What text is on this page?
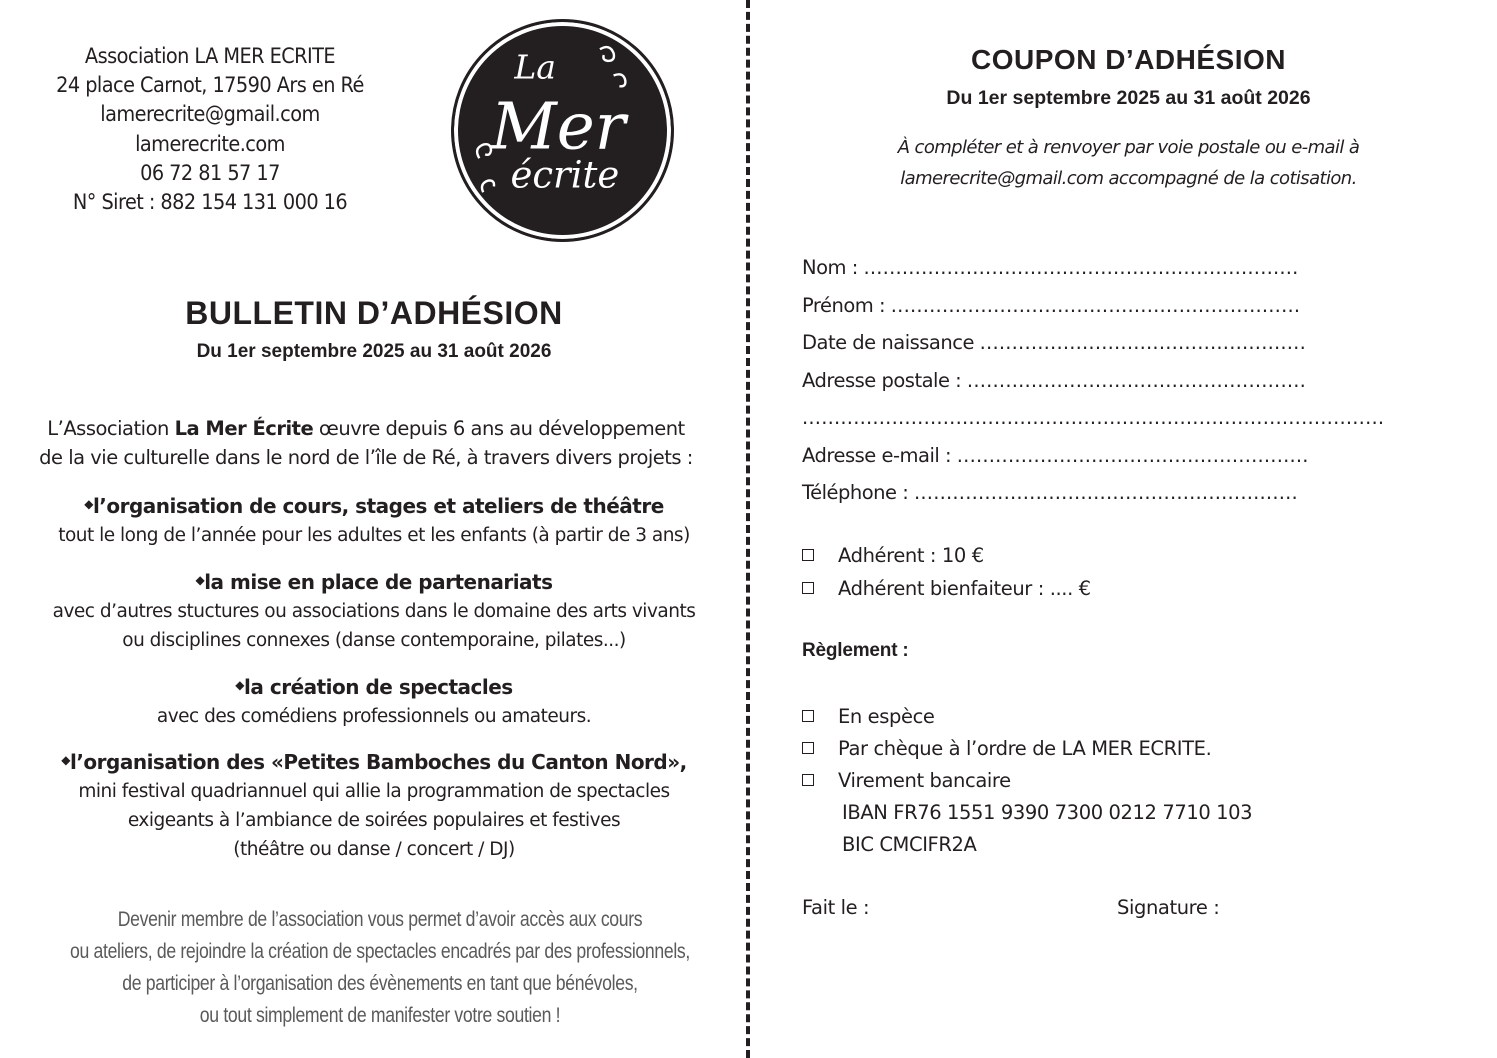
Association LA MER ECRITE
24 place Carnot, 17590 Ars en Ré
lamerecrite@gmail.com
lamerecrite.com
06 72 81 57 17
N° Siret : 882 154 131 000 16
La
Mer
écrite
BULLETIN D’ADHÉSION
Du 1er septembre 2025 au 31 août 2026
L’Association La Mer Écrite œuvre depuis 6 ans au développement
de la vie culturelle dans le nord de l’île de Ré, à travers divers projets :
◆l’organisation de cours, stages et ateliers de théâtre
tout le long de l’année pour les adultes et les enfants (à partir de 3 ans)
◆la mise en place de partenariats
avec d’autres stuctures ou associations dans le domaine des arts vivants
ou disciplines connexes (danse contemporaine, pilates...)
◆la création de spectacles
avec des comédiens professionnels ou amateurs.
◆l’organisation des «Petites Bamboches du Canton Nord»,
mini festival quadriannuel qui allie la programmation de spectacles
exigeants à l’ambiance de soirées populaires et festives
(théâtre ou danse / concert / DJ)
Devenir membre de l’association vous permet d’avoir accès aux cours
ou ateliers, de rejoindre la création de spectacles encadrés par des professionnels,
de participer à l’organisation des évènements en tant que bénévoles,
ou tout simplement de manifester votre soutien !
COUPON D’ADHÉSION
Du 1er septembre 2025 au 31 août 2026
À compléter et à renvoyer par voie postale ou e-mail à
lamerecrite@gmail.com accompagné de la cotisation.
Nom : ....................................................................
Prénom : ................................................................
Date de naissance ...................................................
Adresse postale : .....................................................
...........................................................................................
Adresse e-mail : .......................................................
Téléphone : ............................................................
Adhérent : 10 €
Adhérent bienfaiteur : .... €
Règlement :
En espèce
Par chèque à l’ordre de LA MER ECRITE.
Virement bancaire
IBAN FR76 1551 9390 7300 0212 7710 103
BIC CMCIFR2A
Fait le :	Signature :
